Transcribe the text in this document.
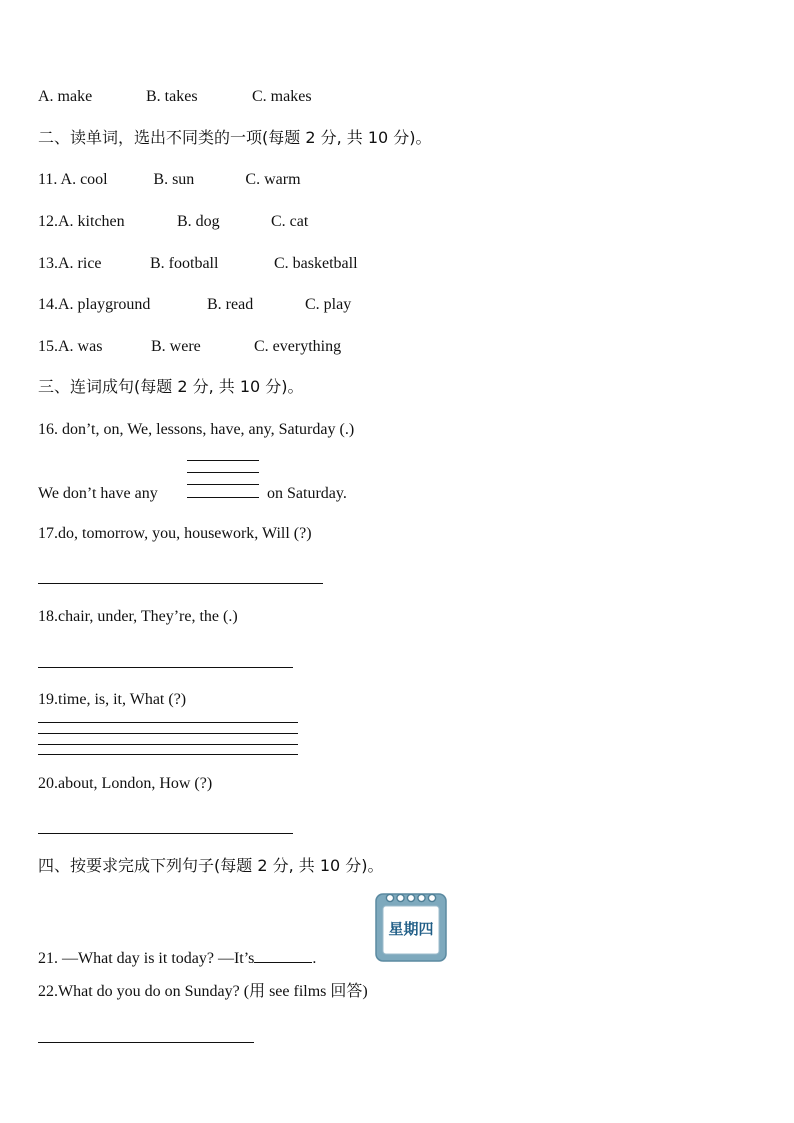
A. make	B. takes	C. makes
二、读单词，选出不同类的一项(每题 2 分, 共 10 分)。
11. A. cool	B. sun	C. warm
12.A. kitchen	B. dog	C. cat
13.A. rice	B. football	C. basketball
14.A. playground	B. read	C. play
15.A. was	B. were	C. everything
三、连词成句(每题 2 分, 共 10 分)。
16. don’t, on, We, lessons, have, any, Saturday (.)
We don’t have any	on Saturday.
17.do, tomorrow, you, housework, Will (?)
18.chair, under, They’re, the (.)
19.time, is, it, What (?)
20.about, London, How (?)
四、按要求完成下列句子(每题 2 分, 共 10 分)。
星期四
21. —What day is it today? —It’s	.
22.What do you do on Sunday? (用 see films 回答)
